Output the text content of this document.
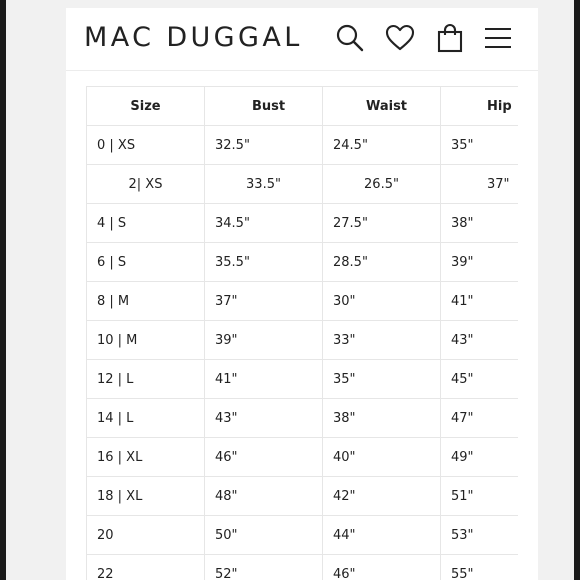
MAC DUGGAL
Size	Bust	Waist	Hip
0 | XS	32.5"	24.5"	35"
2| XS	33.5"	26.5"	37"
4 | S	34.5"	27.5"	38"
6 | S	35.5"	28.5"	39"
8 | M	37"	30"	41"
10 | M	39"	33"	43"
12 | L	41"	35"	45"
14 | L	43"	38"	47"
16 | XL	46"	40"	49"
18 | XL	48"	42"	51"
20	50"	44"	53"
22	52"	46"	55"
